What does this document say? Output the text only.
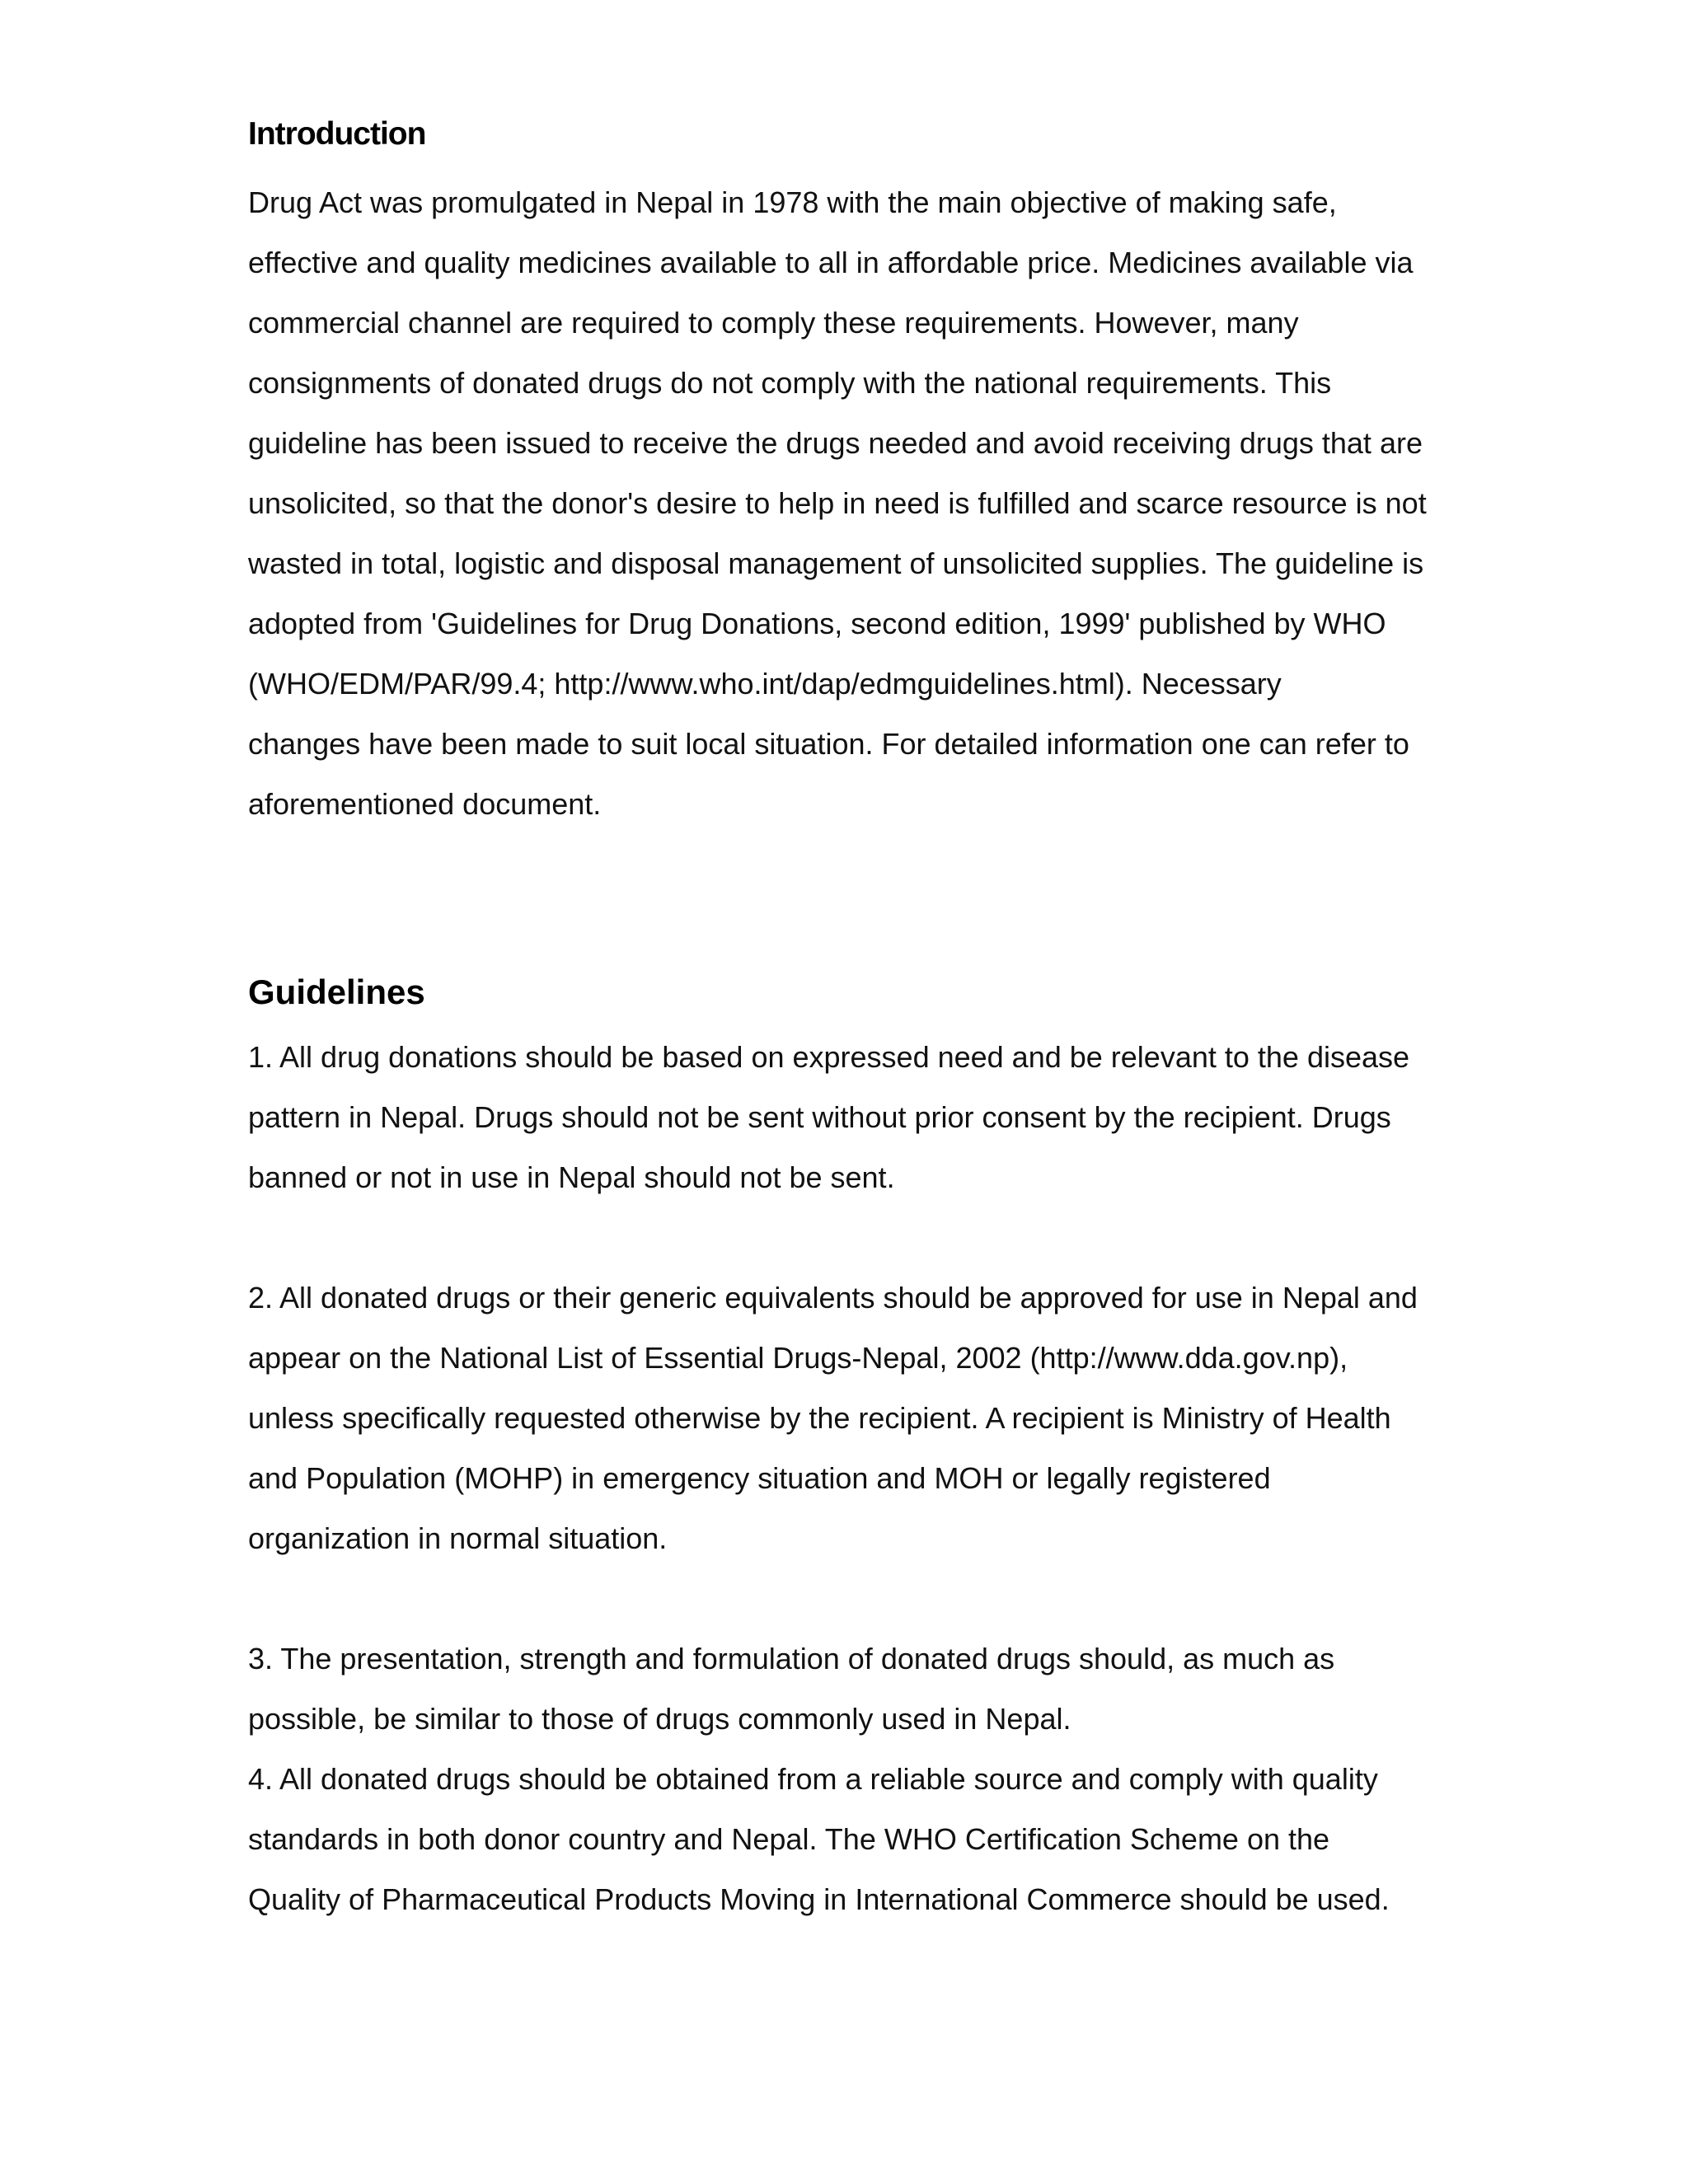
Introduction
Drug Act was promulgated in Nepal in 1978 with the main objective of making safe,
effective and quality medicines available to all in affordable price. Medicines available via
commercial channel are required to comply these requirements. However, many
consignments of donated drugs do not comply with the national requirements. This
guideline has been issued to receive the drugs needed and avoid receiving drugs that are
unsolicited, so that the donor's desire to help in need is fulfilled and scarce resource is not
wasted in total, logistic and disposal management of unsolicited supplies. The guideline is
adopted from 'Guidelines for Drug Donations, second edition, 1999' published by WHO
(WHO/EDM/PAR/99.4; http://www.who.int/dap/edmguidelines.html). Necessary
changes have been made to suit local situation. For detailed information one can refer to
aforementioned document.
Guidelines
1. All drug donations should be based on expressed need and be relevant to the disease
pattern in Nepal. Drugs should not be sent without prior consent by the recipient. Drugs
banned or not in use in Nepal should not be sent.
2. All donated drugs or their generic equivalents should be approved for use in Nepal and
appear on the National List of Essential Drugs-Nepal, 2002 (http://www.dda.gov.np),
unless specifically requested otherwise by the recipient. A recipient is Ministry of Health
and Population (MOHP) in emergency situation and MOH or legally registered
organization in normal situation.
3. The presentation, strength and formulation of donated drugs should, as much as
possible, be similar to those of drugs commonly used in Nepal.
4. All donated drugs should be obtained from a reliable source and comply with quality
standards in both donor country and Nepal. The WHO Certification Scheme on the
Quality of Pharmaceutical Products Moving in International Commerce should be used.
